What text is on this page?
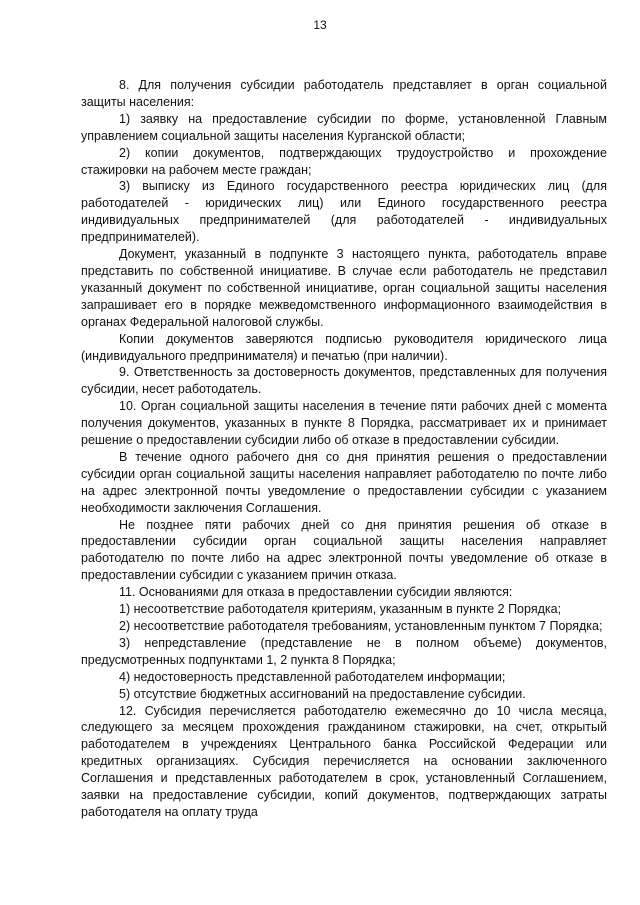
13

8. Для получения субсидии работодатель представляет в орган социальной защиты населения:

1) заявку на предоставление субсидии по форме, установленной Главным управлением социальной защиты населения Курганской области;

2) копии документов, подтверждающих трудоустройство и прохождение стажировки на рабочем месте граждан;

3) выписку из Единого государственного реестра юридических лиц (для работодателей - юридических лиц) или Единого государственного реестра индивидуальных предпринимателей (для работодателей - индивидуальных предпринимателей).

Документ, указанный в подпункте 3 настоящего пункта, работодатель вправе представить по собственной инициативе. В случае если работодатель не представил указанный документ по собственной инициативе, орган социальной защиты населения запрашивает его в порядке межведомственного информационного взаимодействия в органах Федеральной налоговой службы.

Копии документов заверяются подписью руководителя юридического лица (индивидуального предпринимателя) и печатью (при наличии).

9. Ответственность за достоверность документов, представленных для получения субсидии, несет работодатель.

10. Орган социальной защиты населения в течение пяти рабочих дней с момента получения документов, указанных в пункте 8 Порядка, рассматривает их и принимает решение о предоставлении субсидии либо об отказе в предоставлении субсидии.

В течение одного рабочего дня со дня принятия решения о предоставлении субсидии орган социальной защиты населения направляет работодателю по почте либо на адрес электронной почты уведомление о предоставлении субсидии с указанием необходимости заключения Соглашения.

Не позднее пяти рабочих дней со дня принятия решения об отказе в предоставлении субсидии орган социальной защиты населения направляет работодателю по почте либо на адрес электронной почты уведомление об отказе в предоставлении субсидии с указанием причин отказа.

11. Основаниями для отказа в предоставлении субсидии являются:

1) несоответствие работодателя критериям, указанным в пункте 2 Порядка;

2) несоответствие работодателя требованиям, установленным пунктом 7 Порядка;

3) непредставление (представление не в полном объеме) документов, предусмотренных подпунктами 1, 2 пункта 8 Порядка;

4) недостоверность представленной работодателем информации;

5) отсутствие бюджетных ассигнований на предоставление субсидии.

12. Субсидия перечисляется работодателю ежемесячно до 10 числа месяца, следующего за месяцем прохождения гражданином стажировки, на счет, открытый работодателем в учреждениях Центрального банка Российской Федерации или кредитных организациях. Субсидия перечисляется на основании заключенного Соглашения и представленных работодателем в срок, установленный Соглашением, заявки на предоставление субсидии, копий документов, подтверждающих затраты работодателя на оплату труда
